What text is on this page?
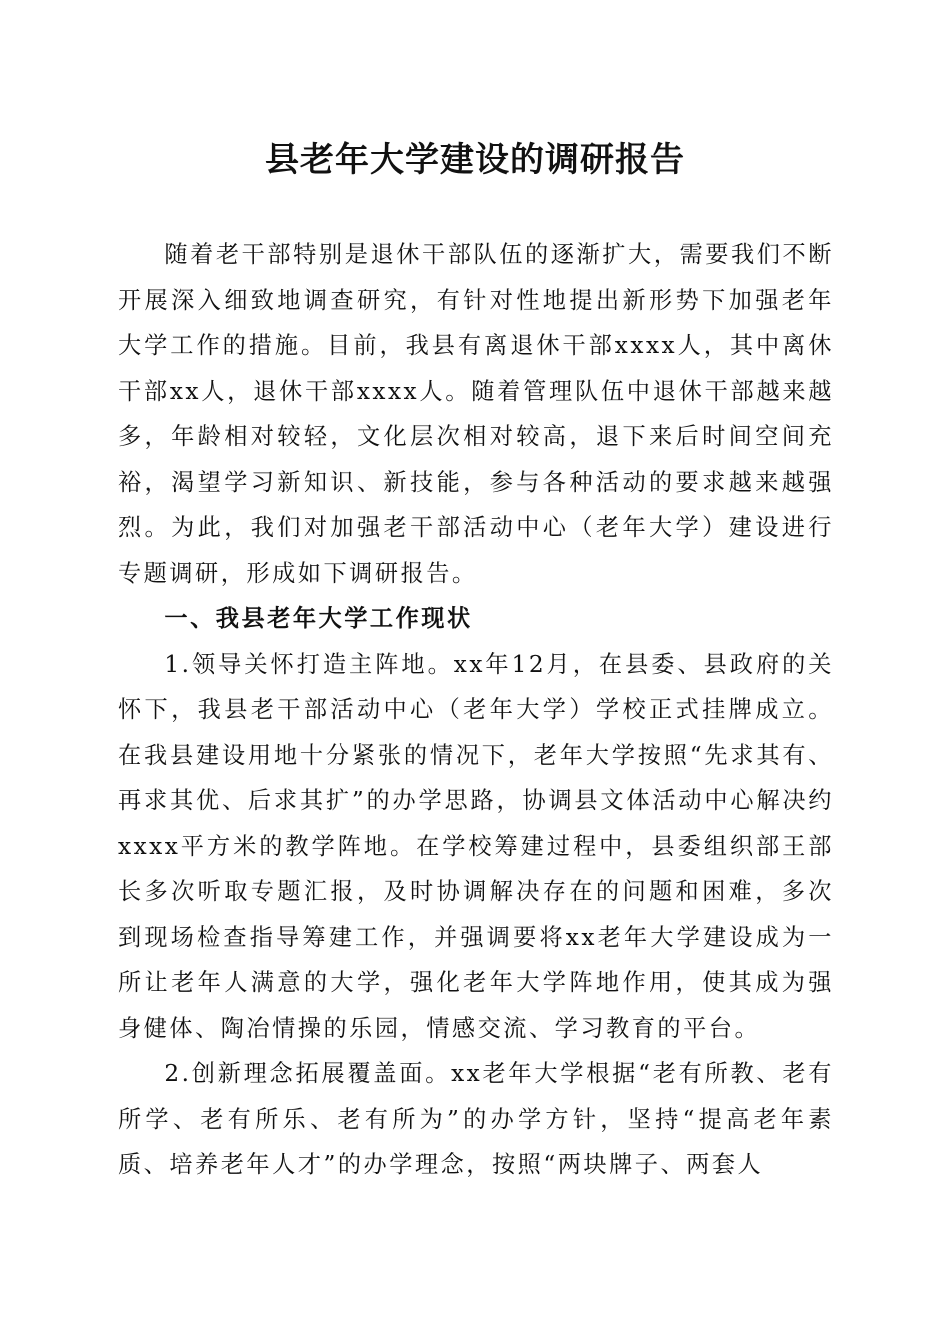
县老年大学建设的调研报告

随着老干部特别是退休干部队伍的逐渐扩大，需要我们不断开展深入细致地调查研究，有针对性地提出新形势下加强老年大学工作的措施。目前，我县有离退休干部xxxx人，其中离休干部xx人，退休干部xxxx人。随着管理队伍中退休干部越来越多，年龄相对较轻，文化层次相对较高，退下来后时间空间充裕，渴望学习新知识、新技能，参与各种活动的要求越来越强烈。为此，我们对加强老干部活动中心（老年大学）建设进行专题调研，形成如下调研报告。

一、我县老年大学工作现状

1.领导关怀打造主阵地。xx年12月，在县委、县政府的关怀下，我县老干部活动中心（老年大学）学校正式挂牌成立。在我县建设用地十分紧张的情况下，老年大学按照“先求其有、再求其优、后求其扩”的办学思路，协调县文体活动中心解决约xxxx平方米的教学阵地。在学校筹建过程中，县委组织部王部长多次听取专题汇报，及时协调解决存在的问题和困难，多次到现场检查指导筹建工作，并强调要将xx老年大学建设成为一所让老年人满意的大学，强化老年大学阵地作用，使其成为强身健体、陶冶情操的乐园，情感交流、学习教育的平台。

2.创新理念拓展覆盖面。xx老年大学根据“老有所教、老有所学、老有所乐、老有所为”的办学方针，坚持“提高老年素质、培养老年人才”的办学理念，按照“两块牌子、两套人
